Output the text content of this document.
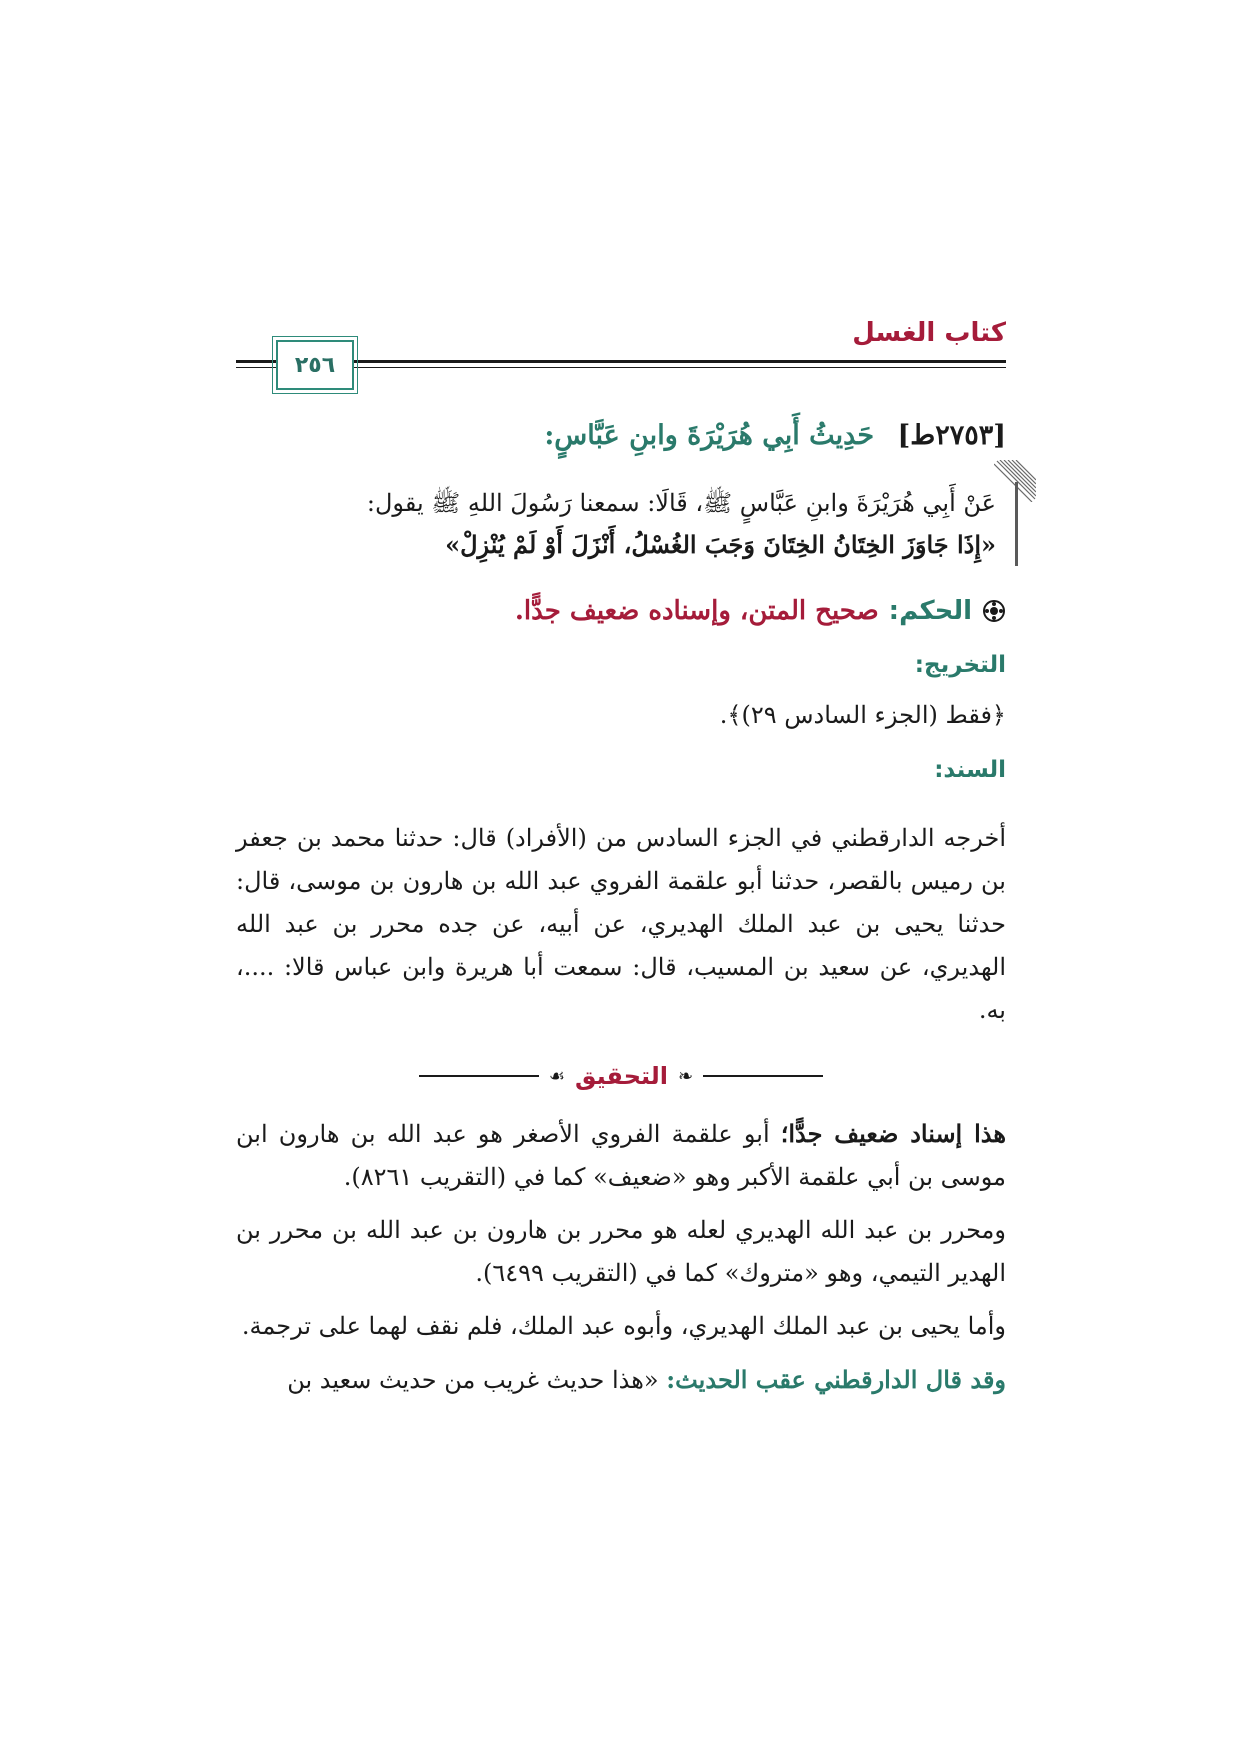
كتاب الغسل
٢٥٦
[٢٧٥٣ط] حَدِيثُ أَبِي هُرَيْرَةَ وابنِ عَبَّاسٍ:
عَنْ أَبِي هُرَيْرَةَ وابنِ عَبَّاسٍ ﷺ، قَالَا: سمعنا رَسُولَ اللهِ ﷺ يقول:
«إِذَا جَاوَزَ الخِتَانُ الخِتَانَ وَجَبَ الغُسْلُ، أَنْزَلَ أَوْ لَمْ يُنْزِلْ»
الحكم:
صحيح المتن، وإسناده ضعيف جدًّا.
التخريج:
﴿فقط (الجزء السادس ٢٩)﴾.
السند:
أخرجه الدارقطني في الجزء السادس من (الأفراد) قال: حدثنا محمد بن جعفر بن رميس بالقصر، حدثنا أبو علقمة الفروي عبد الله بن هارون بن موسى، قال: حدثنا يحيى بن عبد الملك الهديري، عن أبيه، عن جده محرر بن عبد الله الهديري، عن سعيد بن المسيب، قال: سمعت أبا هريرة وابن عباس قالا: ....، به.
❧
التحقيق
☙
هذا إسناد ضعيف جدًّا؛ أبو علقمة الفروي الأصغر هو عبد الله بن هارون ابن موسى بن أبي علقمة الأكبر وهو «ضعيف» كما في (التقريب ٨٢٦١).
ومحرر بن عبد الله الهديري لعله هو محرر بن هارون بن عبد الله بن محرر بن الهدير التيمي، وهو «متروك» كما في (التقريب ٦٤٩٩).
وأما يحيى بن عبد الملك الهديري، وأبوه عبد الملك، فلم نقف لهما على ترجمة.
وقد قال الدارقطني عقب الحديث: «هذا حديث غريب من حديث سعيد بن
